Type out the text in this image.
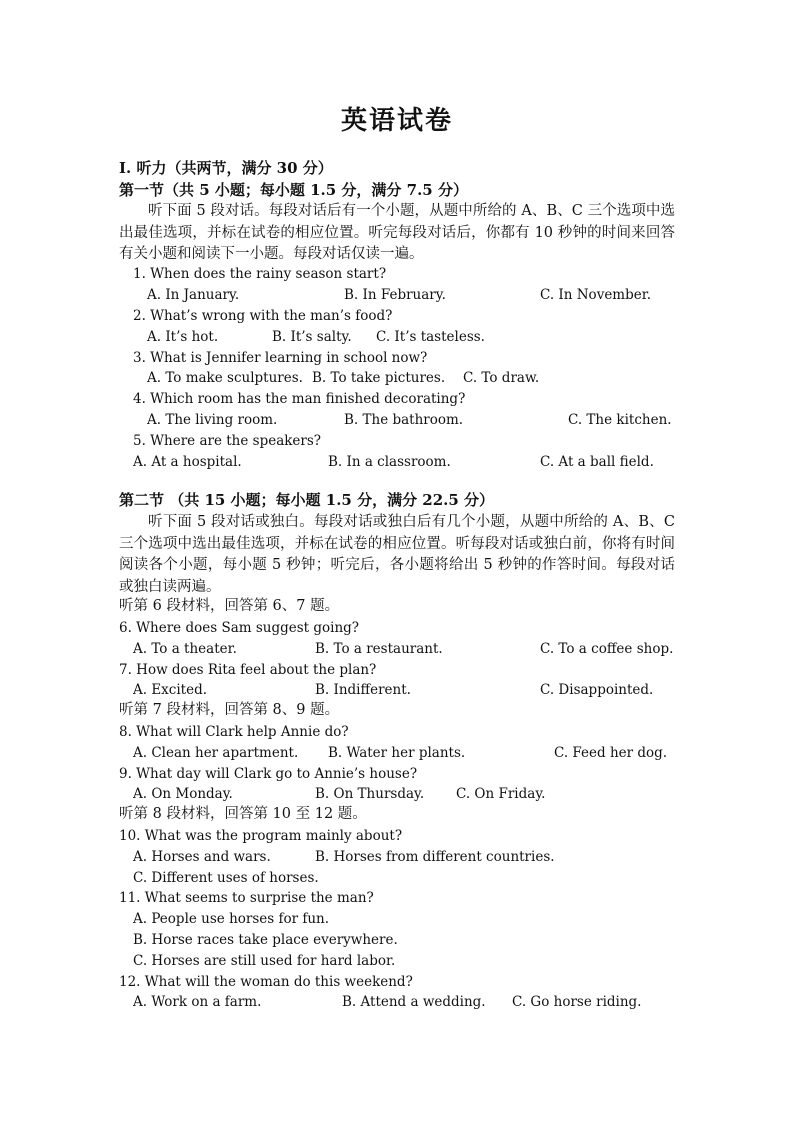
英语试卷
I. 听力（共两节，满分 30 分）
第一节（共 5 小题；每小题 1.5 分，满分 7.5 分）
听下面 5 段对话。每段对话后有一个小题，从题中所给的 A、B、C 三个选项中选出最佳选项，并标在试卷的相应位置。听完每段对话后，你都有 10 秒钟的时间来回答有关小题和阅读下一小题。每段对话仅读一遍。
1. When does the rainy season start?
A. In January.	B. In February.	C. In November.
2. What’s wrong with the man’s food?
A. It’s hot.	B. It’s salty. C. It’s tasteless.
3. What is Jennifer learning in school now?
A. To make sculptures. B. To take pictures. C. To draw.
4. Which room has the man finished decorating?
A. The living room.	B. The bathroom.	C. The kitchen.
5. Where are the speakers?
A. At a hospital.	B. In a classroom.	C. At a ball field.
第二节 （共 15 小题；每小题 1.5 分，满分 22.5 分）
听下面 5 段对话或独白。每段对话或独白后有几个小题，从题中所给的 A、B、C 三个选项中选出最佳选项，并标在试卷的相应位置。听每段对话或独白前，你将有时间阅读各个小题，每小题 5 秒钟；听完后，各小题将给出 5 秒钟的作答时间。每段对话或独白读两遍。
听第 6 段材料，回答第 6、7 题。
6. Where does Sam suggest going?
A. To a theater.	B. To a restaurant.	C. To a coffee shop.
7. How does Rita feel about the plan?
A. Excited.	B. Indifferent.	C. Disappointed.
听第 7 段材料，回答第 8、9 题。
8. What will Clark help Annie do?
A. Clean her apartment. B. Water her plants.	C. Feed her dog.
9. What day will Clark go to Annie’s house?
A. On Monday.	B. On Thursday. C. On Friday.
听第 8 段材料，回答第 10 至 12 题。
10. What was the program mainly about?
A. Horses and wars.	B. Horses from different countries.
C. Different uses of horses.
11. What seems to surprise the man?
A. People use horses for fun.
B. Horse races take place everywhere.
C. Horses are still used for hard labor.
12. What will the woman do this weekend?
A. Work on a farm.	B. Attend a wedding. C. Go horse riding.
